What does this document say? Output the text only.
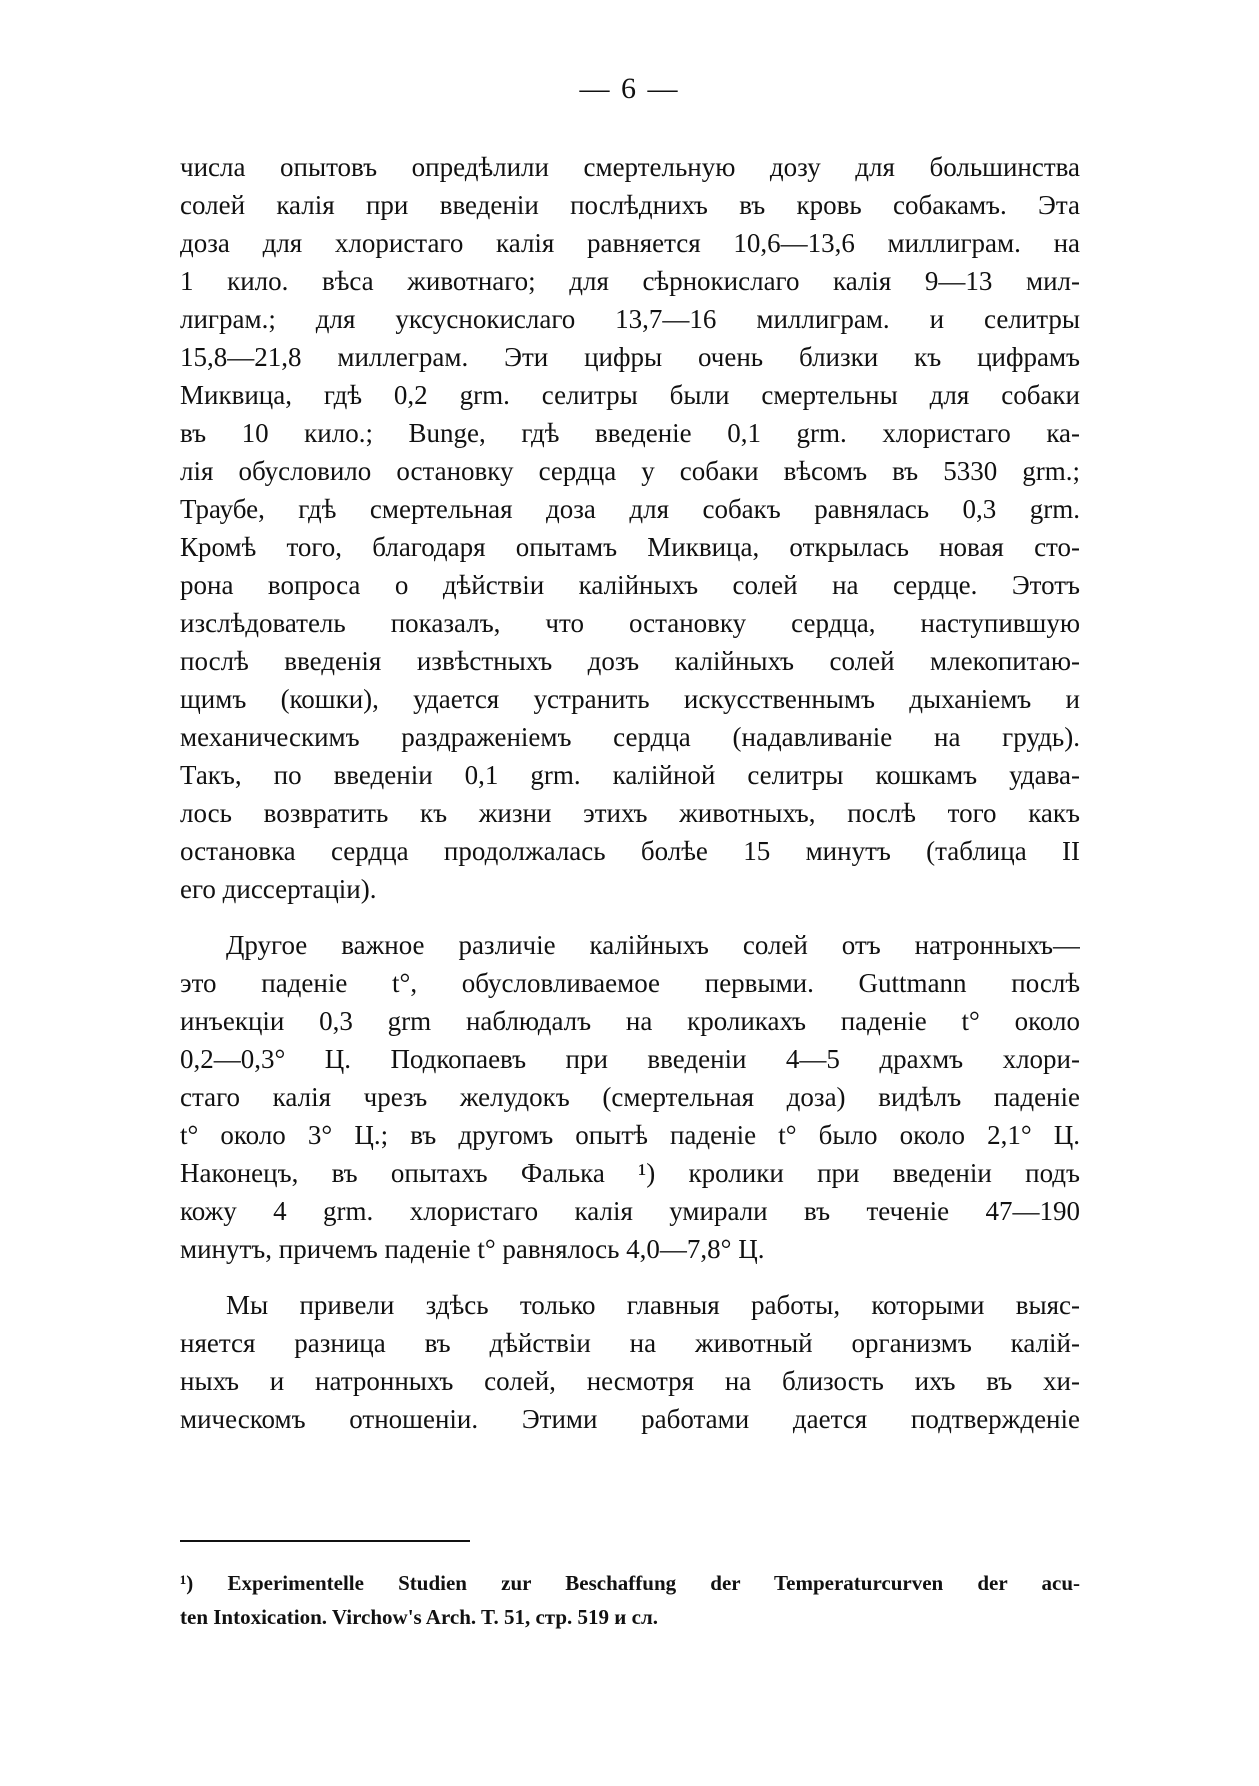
— 6 —
числа опытовъ опредѣлили смертельную дозу для большинства
солей калія при введеніи послѣднихъ въ кровь собакамъ. Эта
доза для хлористаго калія равняется 10,6—13,6 миллиграм. на
1 кило. вѣса животнаго; для сѣрнокислаго калія 9—13 мил-
лиграм.; для уксуснокислаго 13,7—16 миллиграм. и селитры
15,8—21,8 миллеграм. Эти цифры очень близки къ цифрамъ
Миквица, гдѣ 0,2 grm. селитры были смертельны для собаки
въ 10 кило.; Bunge, гдѣ введеніе 0,1 grm. хлористаго ка-
лія обусловило остановку сердца у собаки вѣсомъ въ 5330 grm.;
Траубе, гдѣ смертельная доза для собакъ равнялась 0,3 grm.
Кромѣ того, благодаря опытамъ Миквица, открылась новая сто-
рона вопроса о дѣйствіи калійныхъ солей на сердце. Этотъ
изслѣдователь показалъ, что остановку сердца, наступившую
послѣ введенія извѣстныхъ дозъ калійныхъ солей млекопитаю-
щимъ (кошки), удается устранить искусственнымъ дыханіемъ и
механическимъ раздраженіемъ сердца (надавливаніе на грудь).
Такъ, по введеніи 0,1 grm. калійной селитры кошкамъ удава-
лось возвратить къ жизни этихъ животныхъ, послѣ того какъ
остановка сердца продолжалась болѣе 15 минутъ (таблица II
его диссертаціи).
Другое важное различіе калійныхъ солей отъ натронныхъ—
это паденіе t°, обусловливаемое первыми. Guttmann послѣ
инъекціи 0,3 grm наблюдалъ на кроликахъ паденіе t° около
0,2—0,3° Ц. Подкопаевъ при введеніи 4—5 драхмъ хлори-
стаго калія чрезъ желудокъ (смертельная доза) видѣлъ паденіе
t° около 3° Ц.; въ другомъ опытѣ паденіе t° было около 2,1° Ц.
Наконецъ, въ опытахъ Фалька ¹) кролики при введеніи подъ
кожу 4 grm. хлористаго калія умирали въ теченіе 47—190
минутъ, причемъ паденіе t° равнялось 4,0—7,8° Ц.
Мы привели здѣсь только главныя работы, которыми выяс-
няется разница въ дѣйствіи на животный организмъ калій-
ныхъ и натронныхъ солей, несмотря на близость ихъ въ хи-
мическомъ отношеніи. Этими работами дается подтвержденіе
¹) Experimentelle Studien zur Beschaffung der Temperaturcurven der acu-
ten Intoxication. Virchow's Arch. T. 51, стр. 519 и сл.
